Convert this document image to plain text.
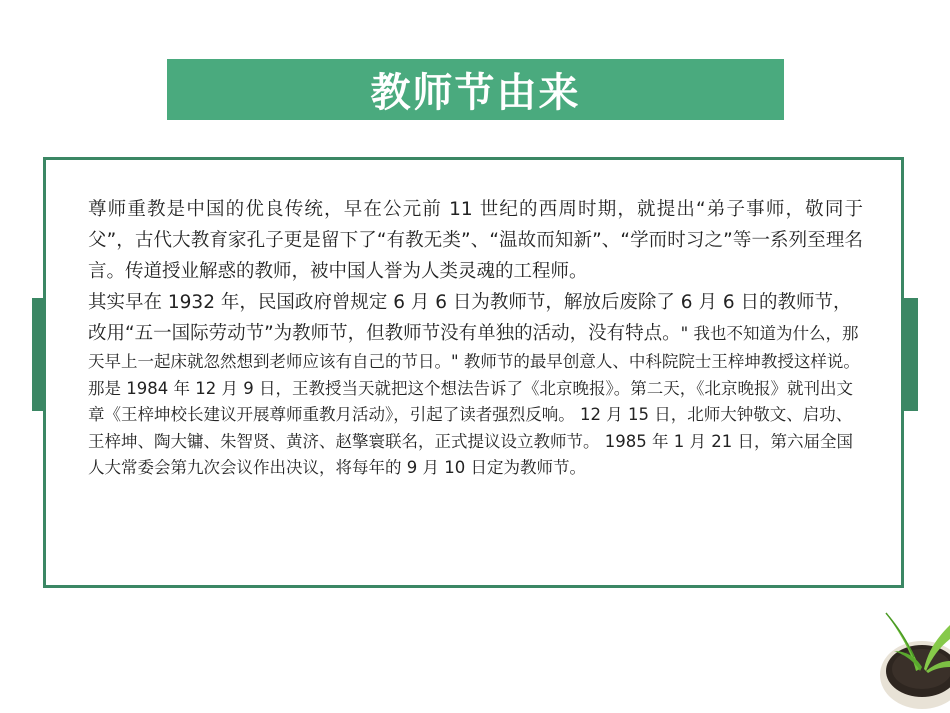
教师节由来

尊师重教是中国的优良传统，早在公元前 11 世纪的西周时期，就提出“弟子事师，敬同于父”，古代大教育家孔子更是留下了“有教无类”、“温故而知新”、“学而时习之”等一系列至理名言。传道授业解惑的教师，被中国人誉为人类灵魂的工程师。

其实早在 1932 年，民国政府曾规定 6 月 6 日为教师节，解放后废除了 6 月 6 日的教师节，改用“五一国际劳动节”为教师节，但教师节没有单独的活动，没有特点。

" 我也不知道为什么，那天早上一起床就忽然想到老师应该有自己的节日。" 教师节的最早创意人、中科院院士王梓坤教授这样说。那是 1984 年 12 月 9 日，王教授当天就把这个想法告诉了《北京晚报》。第二天，《北京晚报》就刊出文章《王梓坤校长建议开展尊师重教月活动》，引起了读者强烈反响。 12 月 15 日，北师大钟敬文、启功、王梓坤、陶大镛、朱智贤、黄济、赵擎寰联名，正式提议设立教师节。 1985 年 1 月 21 日，第六届全国人大常委会第九次会议作出决议，将每年的 9 月 10 日定为教师节。
